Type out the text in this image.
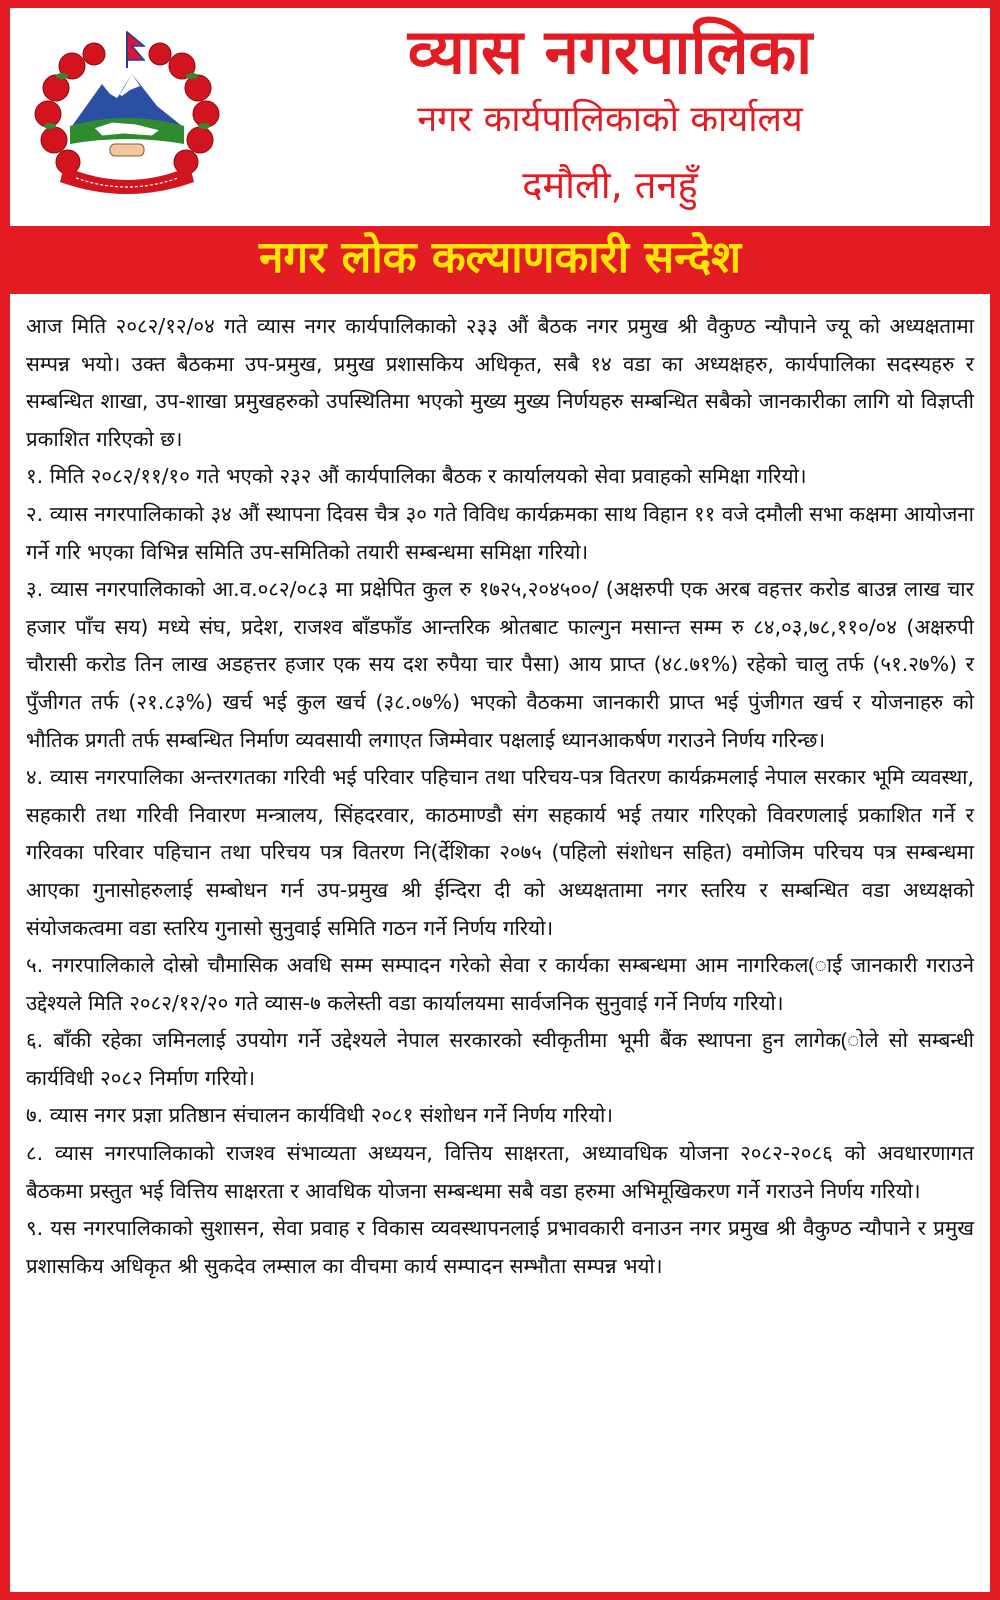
व्यास नगरपालिका
नगर कार्यपालिकाको कार्यालय
दमौली, तनहुँ
नगर लोक कल्याणकारी सन्देश

आज मिति २०८२/१२/०४ गते व्यास नगर कार्यपालिकाको २३३ औं बैठक नगर प्रमुख श्री वैकुण्ठ न्यौपाने ज्यू को अध्यक्षतामा सम्पन्न भयो। उक्त बैठकमा उप-प्रमुख, प्रमुख प्रशासकिय अधिकृत, सबै १४ वडा का अध्यक्षहरु, कार्यपालिका सदस्यहरु र सम्बन्धित शाखा, उप-शाखा प्रमुखहरुको उपस्थितिमा भएको मुख्य मुख्य निर्णयहरु सम्बन्धित सबैको जानकारीका लागि यो विज्ञप्ती प्रकाशित गरिएको छ।

१. मिति २०८२/११/१० गते भएको २३२ औं कार्यपालिका बैठक र कार्यालयको सेवा प्रवाहको समिक्षा गरियो।

२. व्यास नगरपालिकाको ३४ औं स्थापना दिवस चैत्र ३० गते विविध कार्यक्रमका साथ विहान ११ वजे दमौली सभा कक्षमा आयोजना गर्ने गरि भएका विभिन्न समिति उप-समितिको तयारी सम्बन्धमा समिक्षा गरियो।

३. व्यास नगरपालिकाको आ.व.०८२/०८३ मा प्रक्षेपित कुल रु १७२५,२०४५००/ (अक्षरुपी एक अरब वहत्तर करोड बाउन्न लाख चार हजार पाँच सय) मध्ये संघ, प्रदेश, राजश्व बाँडफाँड आन्तरिक श्रोतबाट फाल्गुन मसान्त सम्म रु ८४,०३,७८,११०/०४ (अक्षरुपी चौरासी करोड तिन लाख अडहत्तर हजार एक सय दश रुपैया चार पैसा) आय प्राप्त (४८.७१%) रहेको चालु तर्फ (५१.२७%) र पुँजीगत तर्फ (२१.८३%) खर्च भई कुल खर्च (३८.०७%) भएको वैठकमा जानकारी प्राप्त भई पुंजीगत खर्च र योजनाहरु को भौतिक प्रगती तर्फ सम्बन्धित निर्माण व्यवसायी लगाएत जिम्मेवार पक्षलाई ध्यानआकर्षण गराउने निर्णय गरिन्छ।

४. व्यास नगरपालिका अन्तरगतका गरिवी भई परिवार पहिचान तथा परिचय-पत्र वितरण कार्यक्रमलाई नेपाल सरकार भूमि व्यवस्था, सहकारी तथा गरिवी निवारण मन्त्रालय, सिंहदरवार, काठमाण्डौ संग सहकार्य भई तयार गरिएको विवरणलाई प्रकाशित गर्ने र गरिवका परिवार पहिचान तथा परिचय पत्र वितरण नि(र्देशिका २०७५ (पहिलो संशोधन सहित) वमोजिम परिचय पत्र सम्बन्धमा आएका गुनासोहरुलाई सम्बोधन गर्न उप-प्रमुख श्री ईन्दिरा दी को अध्यक्षतामा नगर स्तरिय र सम्बन्धित वडा अध्यक्षको संयोजकत्वमा वडा स्तरिय गुनासो सुनुवाई समिति गठन गर्ने निर्णय गरियो।

५. नगरपालिकाले दोस्रो चौमासिक अवधि सम्म सम्पादन गरेको सेवा र कार्यका सम्बन्धमा आम नागरिकल(ाई जानकारी गराउने उद्देश्यले मिति २०८२/१२/२० गते व्यास-७ कलेस्ती वडा कार्यालयमा सार्वजनिक सुनुवाई गर्ने निर्णय गरियो।

६. बाँकी रहेका जमिनलाई उपयोग गर्ने उद्देश्यले नेपाल सरकारको स्वीकृतीमा भूमी बैंक स्थापना हुन लागेक(ोले सो सम्बन्धी कार्यविधी २०८२ निर्माण गरियो।

७. व्यास नगर प्रज्ञा प्रतिष्ठान संचालन कार्यविधी २०८१ संशोधन गर्ने निर्णय गरियो।

८. व्यास नगरपालिकाको राजश्व संभाव्यता अध्ययन, वित्तिय साक्षरता, अध्यावधिक योजना २०८२-२०८६ को अवधारणागत बैठकमा प्रस्तुत भई वित्तिय साक्षरता र आवधिक योजना सम्बन्धमा सबै वडा हरुमा अभिमूखिकरण गर्ने गराउने निर्णय गरियो।

९. यस नगरपालिकाको सुशासन, सेवा प्रवाह र विकास व्यवस्थापनलाई प्रभावकारी वनाउन नगर प्रमुख श्री वैकुण्ठ न्यौपाने र प्रमुख प्रशासकिय अधिकृत श्री सुकदेव लम्साल का वीचमा कार्य सम्पादन सम्भौता सम्पन्न भयो।
